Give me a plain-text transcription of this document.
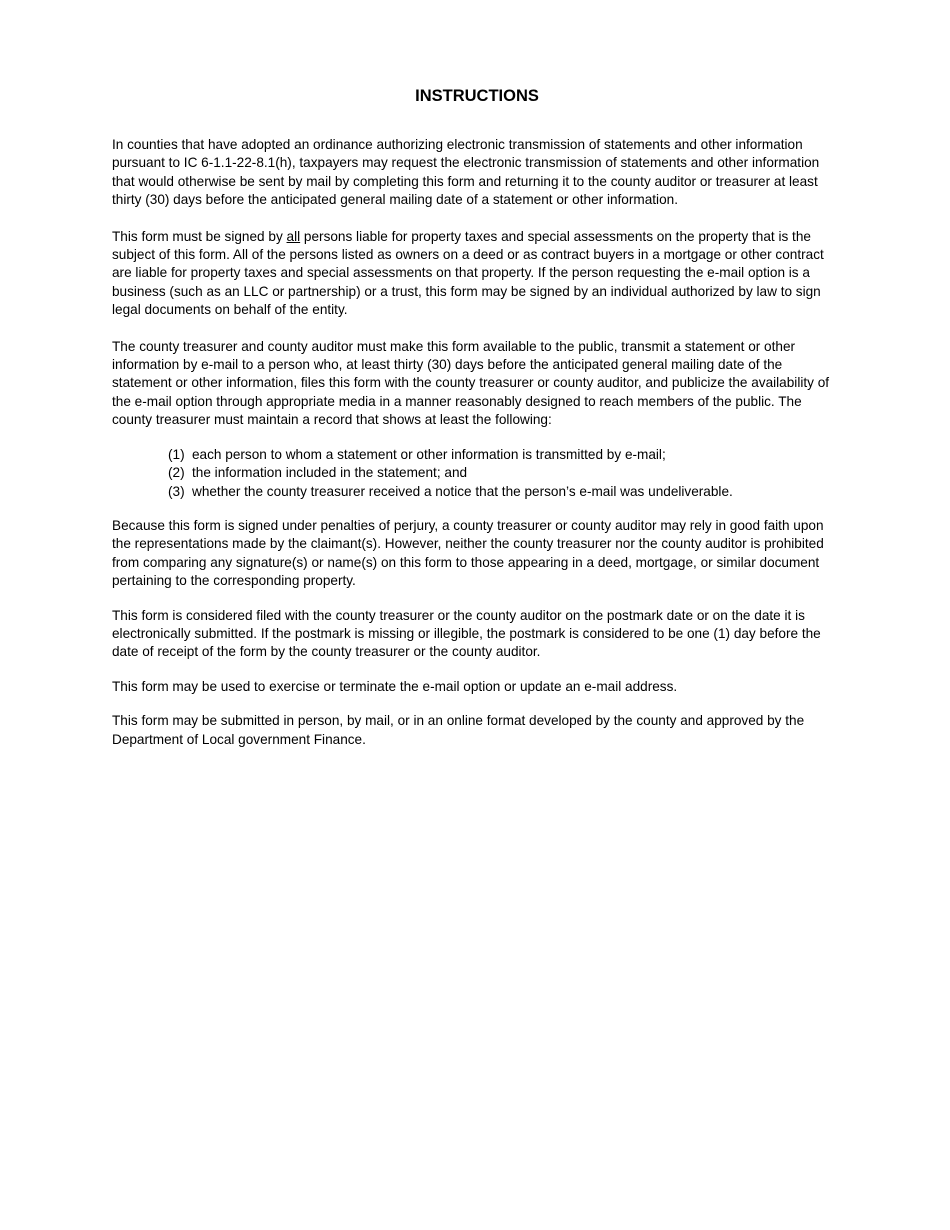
INSTRUCTIONS

In counties that have adopted an ordinance authorizing electronic transmission of statements and other information pursuant to IC 6-1.1-22-8.1(h), taxpayers may request the electronic transmission of statements and other information that would otherwise be sent by mail by completing this form and returning it to the county auditor or treasurer at least thirty (30) days before the anticipated general mailing date of a statement or other information.

This form must be signed by all persons liable for property taxes and special assessments on the property that is the subject of this form. All of the persons listed as owners on a deed or as contract buyers in a mortgage or other contract are liable for property taxes and special assessments on that property. If the person requesting the e-mail option is a business (such as an LLC or partnership) or a trust, this form may be signed by an individual authorized by law to sign legal documents on behalf of the entity.

The county treasurer and county auditor must make this form available to the public, transmit a statement or other information by e-mail to a person who, at least thirty (30) days before the anticipated general mailing date of the statement or other information, files this form with the county treasurer or county auditor, and publicize the availability of the e-mail option through appropriate media in a manner reasonably designed to reach members of the public. The county treasurer must maintain a record that shows at least the following:

(1) each person to whom a statement or other information is transmitted by e-mail;
(2) the information included in the statement; and
(3) whether the county treasurer received a notice that the person’s e-mail was undeliverable.

Because this form is signed under penalties of perjury, a county treasurer or county auditor may rely in good faith upon the representations made by the claimant(s). However, neither the county treasurer nor the county auditor is prohibited from comparing any signature(s) or name(s) on this form to those appearing in a deed, mortgage, or similar document pertaining to the corresponding property.

This form is considered filed with the county treasurer or the county auditor on the postmark date or on the date it is electronically submitted. If the postmark is missing or illegible, the postmark is considered to be one (1) day before the date of receipt of the form by the county treasurer or the county auditor.

This form may be used to exercise or terminate the e-mail option or update an e-mail address.

This form may be submitted in person, by mail, or in an online format developed by the county and approved by the Department of Local government Finance.
